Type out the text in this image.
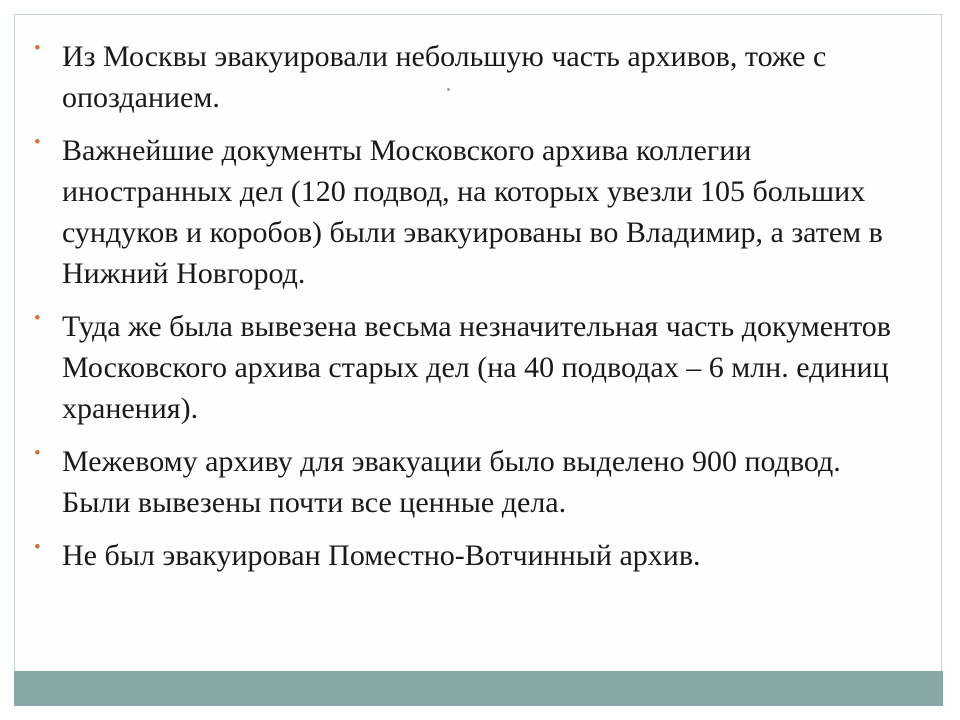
• Из Москвы эвакуировали небольшую часть архивов, тоже с опозданием.
• Важнейшие документы Московского архива коллегии иностранных дел (120 подвод, на которых увезли 105 больших сундуков и коробов) были эвакуированы во Владимир, а затем в Нижний Новгород.
• Туда же была вывезена весьма незначительная часть документов Московского архива старых дел (на 40 подводах – 6 млн. единиц хранения).
• Межевому архиву для эвакуации было выделено 900 подвод. Были вывезены почти все ценные дела.
• Не был эвакуирован Поместно-Вотчинный архив.
